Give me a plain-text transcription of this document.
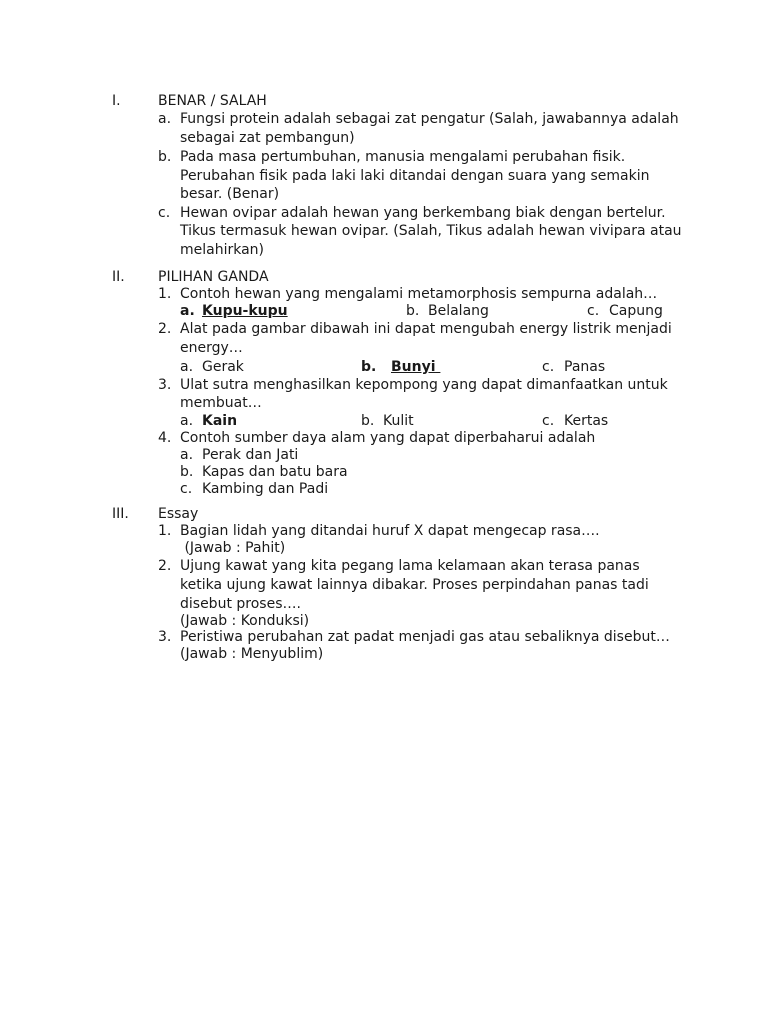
I.	BENAR / SALAH
a. Fungsi protein adalah sebagai zat pengatur (Salah, jawabannya adalah sebagai zat pembangun)
b. Pada masa pertumbuhan, manusia mengalami perubahan fisik. Perubahan fisik pada laki laki ditandai dengan suara yang semakin besar. (Benar)
c. Hewan ovipar adalah hewan yang berkembang biak dengan bertelur. Tikus termasuk hewan ovipar. (Salah, Tikus adalah hewan vivipara atau melahirkan)
II.	PILIHAN GANDA
1. Contoh hewan yang mengalami metamorphosis sempurna adalah…
a. Kupu-kupu	b. Belalang	c. Capung
2. Alat pada gambar dibawah ini dapat mengubah energy listrik menjadi energy…
a. Gerak	b. Bunyi	c. Panas
3. Ulat sutra menghasilkan kepompong yang dapat dimanfaatkan untuk membuat…
a. Kain	b. Kulit	c. Kertas
4. Contoh sumber daya alam yang dapat diperbaharui adalah
a. Perak dan Jati
b. Kapas dan batu bara
c. Kambing dan Padi
III.	Essay
1. Bagian lidah yang ditandai huruf X dapat mengecap rasa….
(Jawab : Pahit)
2. Ujung kawat yang kita pegang lama kelamaan akan terasa panas ketika ujung kawat lainnya dibakar. Proses perpindahan panas tadi disebut proses….
(Jawab : Konduksi)
3. Peristiwa perubahan zat padat menjadi gas atau sebaliknya disebut…
(Jawab : Menyublim)
